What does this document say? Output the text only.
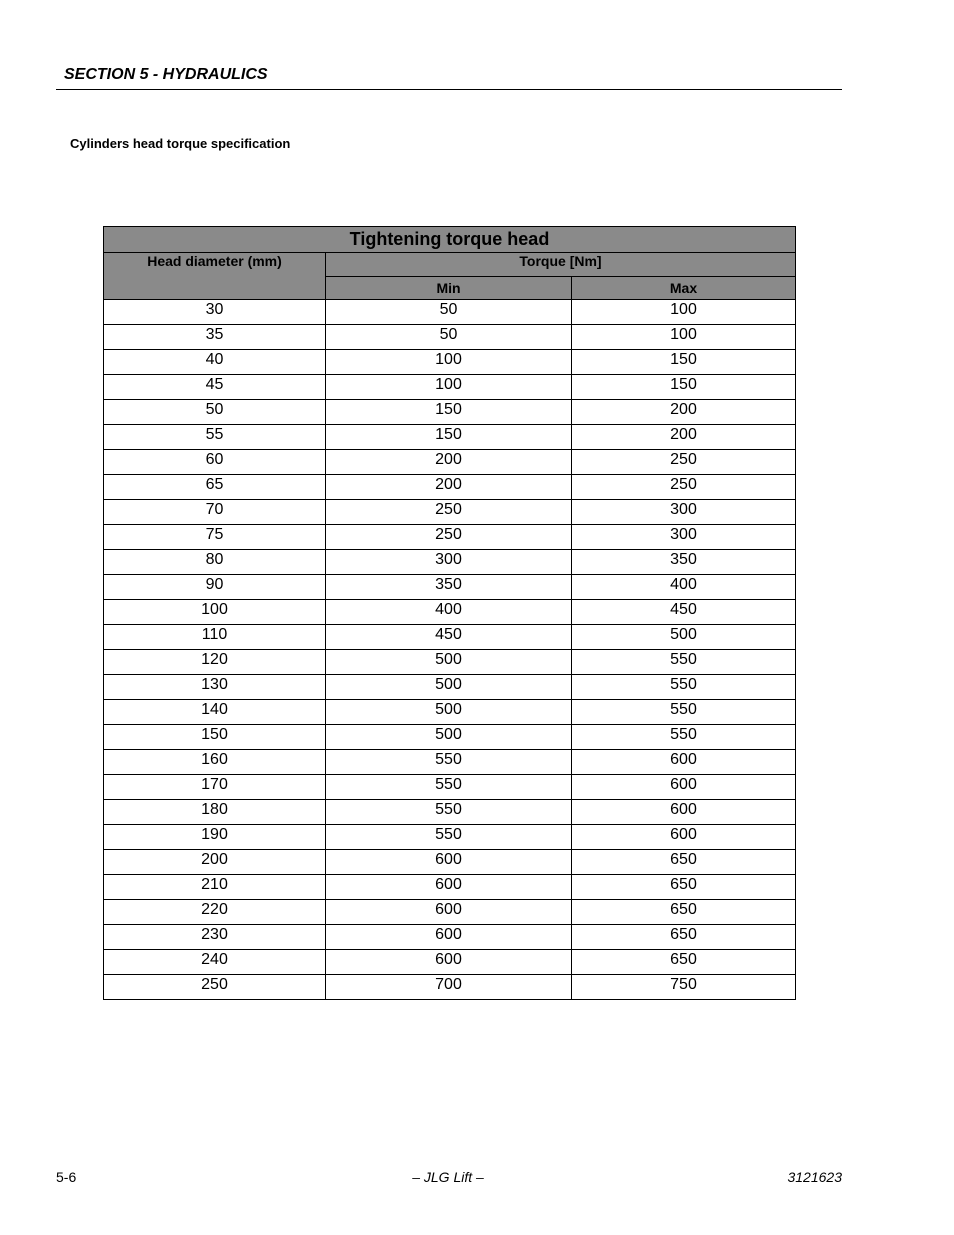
SECTION 5 - HYDRAULICS
Cylinders head torque specification
Tightening torque head		
Head diameter (mm)	Torque [Nm]	
	Min	Max
30	50	100
35	50	100
40	100	150
45	100	150
50	150	200
55	150	200
60	200	250
65	200	250
70	250	300
75	250	300
80	300	350
90	350	400
100	400	450
110	450	500
120	500	550
130	500	550
140	500	550
150	500	550
160	550	600
170	550	600
180	550	600
190	550	600
200	600	650
210	600	650
220	600	650
230	600	650
240	600	650
250	700	750
5-6	– JLG Lift –	3121623
